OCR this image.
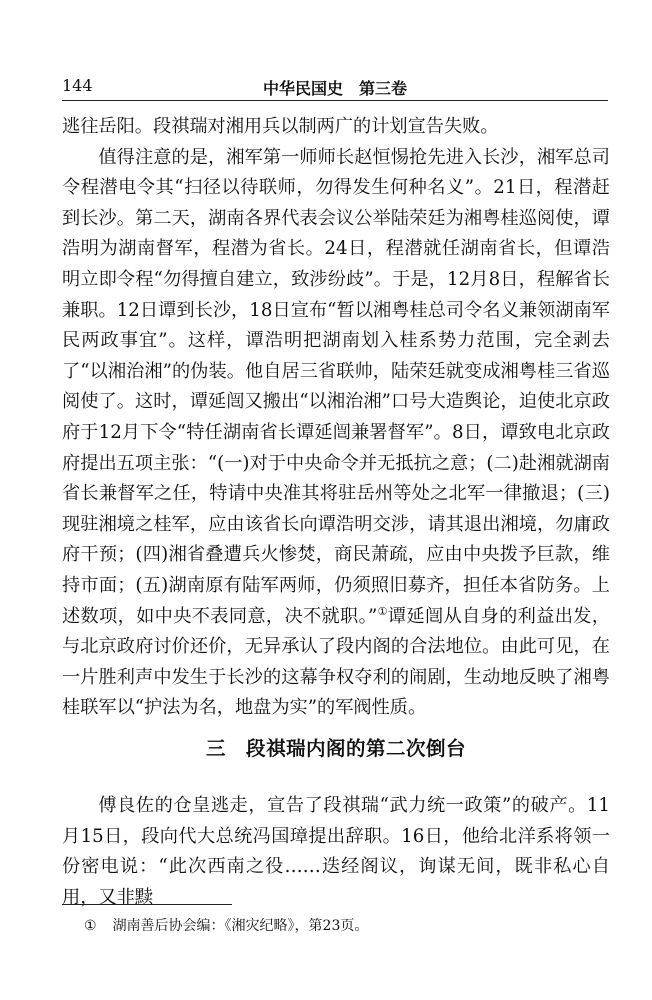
144	中华民国史　第三卷

逃往岳阳。段祺瑞对湘用兵以制两广的计划宣告失败。

值得注意的是，湘军第一师师长赵恒惕抢先进入长沙，湘军总司令程潜电令其“扫径以待联师，勿得发生何种名义”。21日，程潜赶到长沙。第二天，湖南各界代表会议公举陆荣廷为湘粤桂巡阅使，谭浩明为湖南督军，程潜为省长。24日，程潜就任湖南省长，但谭浩明立即令程“勿得擅自建立，致涉纷歧”。于是，12月8日，程解省长兼职。12日谭到长沙，18日宣布“暂以湘粤桂总司令名义兼领湖南军民两政事宜”。这样，谭浩明把湖南划入桂系势力范围，完全剥去了“以湘治湘”的伪装。他自居三省联帅，陆荣廷就变成湘粤桂三省巡阅使了。这时，谭延闿又搬出“以湘治湘”口号大造舆论，迫使北京政府于12月下令“特任湖南省长谭延闿兼署督军”。8日，谭致电北京政府提出五项主张：“(一)对于中央命令并无抵抗之意；(二)赴湘就湖南省长兼督军之任，特请中央准其将驻岳州等处之北军一律撤退；(三)现驻湘境之桂军，应由该省长向谭浩明交涉，请其退出湘境，勿庸政府干预；(四)湘省叠遭兵火惨焚，商民萧疏，应由中央拨予巨款，维持市面；(五)湖南原有陆军两师，仍须照旧募齐，担任本省防务。上述数项，如中央不表同意，决不就职。”①谭延闿从自身的利益出发，与北京政府讨价还价，无异承认了段内阁的合法地位。由此可见，在一片胜利声中发生于长沙的这幕争权夺利的闹剧，生动地反映了湘粤桂联军以“护法为名，地盘为实”的军阀性质。

三 段祺瑞内阁的第二次倒台

傅良佐的仓皇逃走，宣告了段祺瑞“武力统一政策”的破产。11月15日，段向代大总统冯国璋提出辞职。16日，他给北洋系将领一份密电说：“此次西南之役……迭经阁议，询谋无间，既非私心自用，又非黩

① 湖南善后协会编：《湘灾纪略》，第23页。
